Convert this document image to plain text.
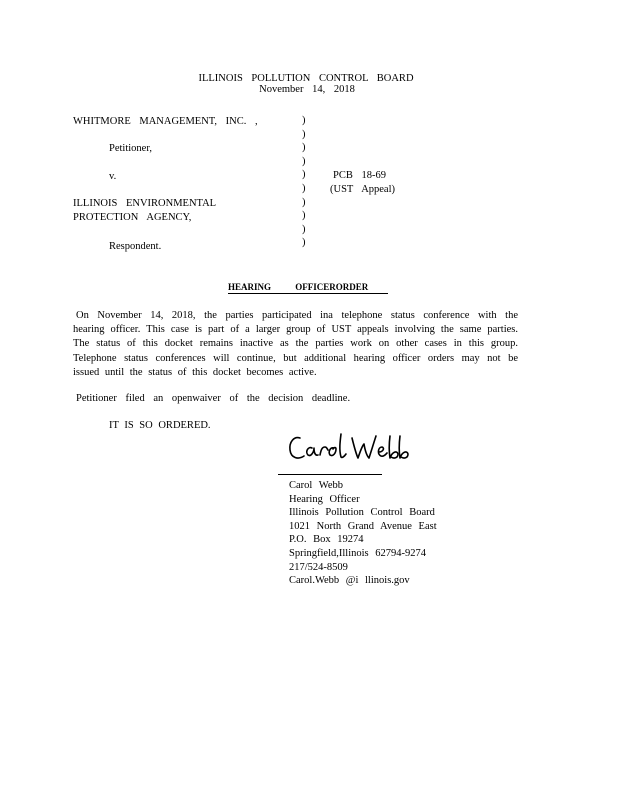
ILLINOIS POLLUTION CONTROL BOARD
November 14, 2018
WHITMORE MANAGEMENT, INC. ,
Petitioner,
v.
ILLINOIS ENVIRONMENTAL
PROTECTION AGENCY,
Respondent.
)
)
)
)
)
)
)
)
)
)
PCB 18-69
(UST Appeal)
HEARING OFFICERORDER
On November 14, 2018, the parties participated ina telephone status conference with the hearing officer. This case is part of a larger group of UST appeals involving the same parties. The status of this docket remains inactive as the parties work on other cases in this group. Telephone status conferences will continue, but additional hearing officer orders may not be issued until the status of this docket becomes active.
Petitioner filed an openwaiver of the decision deadline.
IT IS SO ORDERED.
Carol Webb
Hearing Officer
Illinois Pollution Control Board
1021 North Grand Avenue East
P.O. Box 19274
Springfield,Illinois 62794-9274
217/524-8509
Carol.Webb @i llinois.gov
